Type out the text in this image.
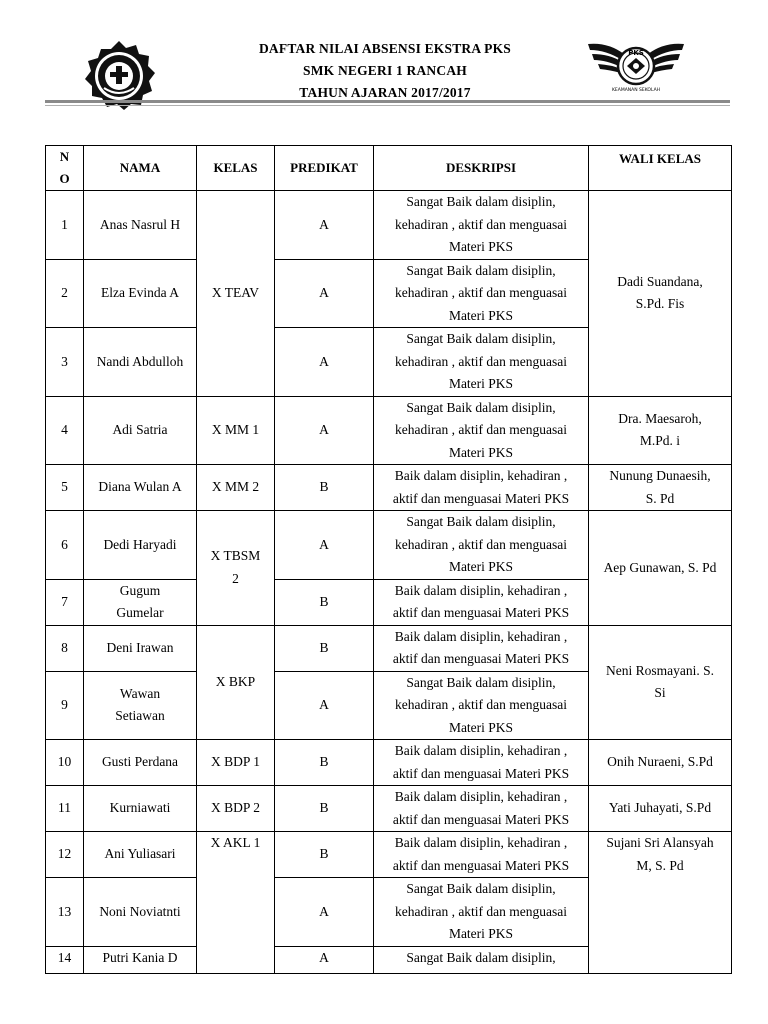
DAFTAR NILAI ABSENSI EKSTRA PKS
SMK NEGERI 1 RANCAH
TAHUN AJARAN 2017/2017
PKS
KEAMANAN SEKOLAH
N
O	NAMA	KELAS	PREDIKAT	DESKRIPSI	WALI KELAS
1	Anas Nasrul H	X TEAV	A	Sangat Baik dalam disiplin,
kehadiran , aktif dan menguasai
Materi PKS	Dadi Suandana,
S.Pd. Fis
2	Elza Evinda A		A	Sangat Baik dalam disiplin,
kehadiran , aktif dan menguasai
Materi PKS	
3	Nandi Abdulloh		A	Sangat Baik dalam disiplin,
kehadiran , aktif dan menguasai
Materi PKS	
4	Adi Satria	X MM 1	A	Sangat Baik dalam disiplin,
kehadiran , aktif dan menguasai
Materi PKS	Dra. Maesaroh,
M.Pd. i
5	Diana Wulan A	X MM 2	B	Baik dalam disiplin, kehadiran ,
aktif dan menguasai Materi PKS	Nunung Dunaesih,
S. Pd
6	Dedi Haryadi	X TBSM
2	A	Sangat Baik dalam disiplin,
kehadiran , aktif dan menguasai
Materi PKS	Aep Gunawan, S. Pd
7	Gugum
Gumelar		B	Baik dalam disiplin, kehadiran ,
aktif dan menguasai Materi PKS	
8	Deni Irawan	X BKP	B	Baik dalam disiplin, kehadiran ,
aktif dan menguasai Materi PKS	Neni Rosmayani. S.
Si
9	Wawan
Setiawan		A	Sangat Baik dalam disiplin,
kehadiran , aktif dan menguasai
Materi PKS	
10	Gusti Perdana	X BDP 1	B	Baik dalam disiplin, kehadiran ,
aktif dan menguasai Materi PKS	Onih Nuraeni, S.Pd
11	Kurniawati	X BDP 2	B	Baik dalam disiplin, kehadiran ,
aktif dan menguasai Materi PKS	Yati Juhayati, S.Pd
12	Ani Yuliasari	X AKL 1	B	Baik dalam disiplin, kehadiran ,
aktif dan menguasai Materi PKS	Sujani Sri Alansyah
M, S. Pd
13	Noni Noviatnti		A	Sangat Baik dalam disiplin,
kehadiran , aktif dan menguasai
Materi PKS	
14	Putri Kania D		A	Sangat Baik dalam disiplin,	
